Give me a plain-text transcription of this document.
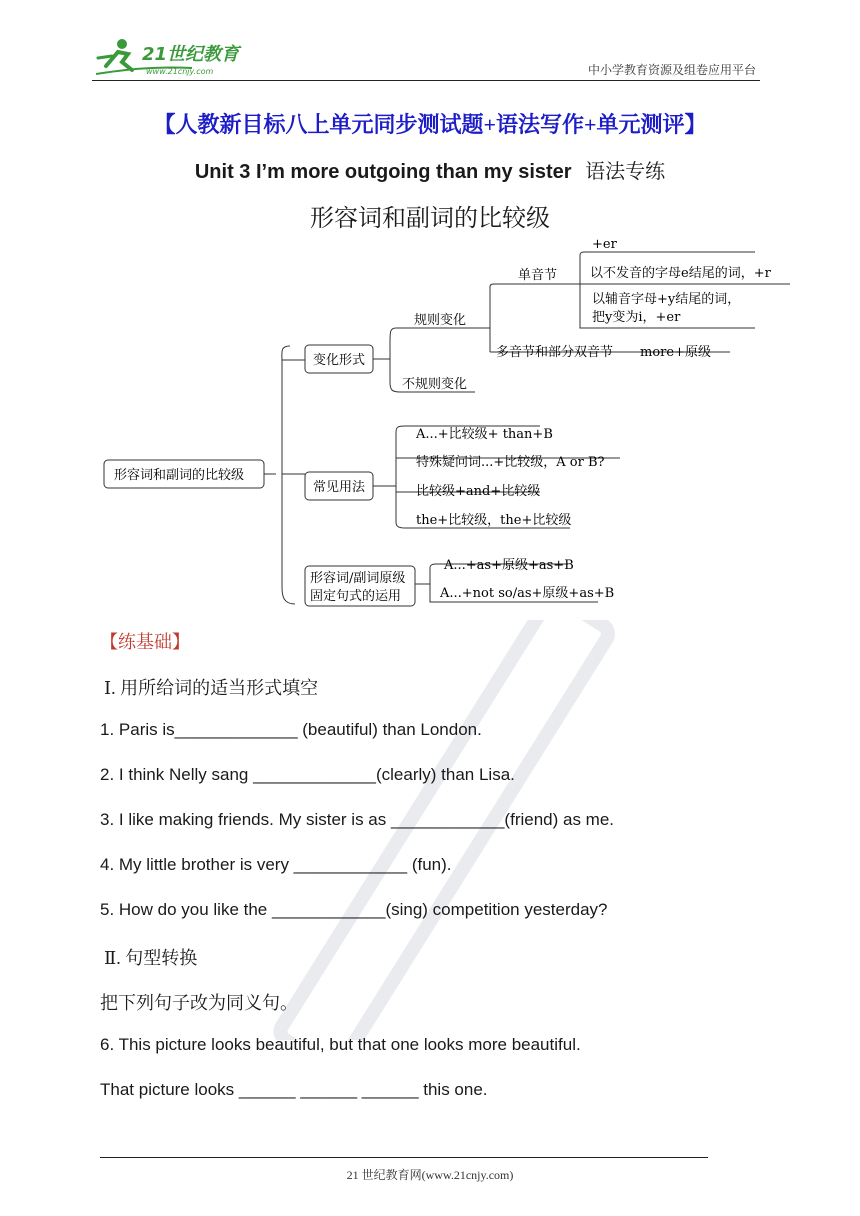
21世纪教育
www.21cnjy.com	中小学教育资源及组卷应用平台
【人教新目标八上单元同步测试题+语法写作+单元测评】
Unit 3 I’m more outgoing than my sister 语法专练
形容词和副词的比较级
形容词和副词的比较级
变化形式
规则变化
不规则变化
单音节
+er
以不发音的字母e结尾的词，+r
以辅音字母+y结尾的词，
把y变为i，+er
多音节和部分双音节 more+原级
常见用法
A...+比较级+ than+B
特殊疑问词...+比较级，A or B?
比较级+and+比较级
the+比较级，the+比较级
形容词/副词原级
固定句式的运用
A...+as+原级+as+B
A...+not so/as+原级+as+B
【练基础】
Ⅰ. 用所给词的适当形式填空
1. Paris is_____________ (beautiful) than London.
2. I think Nelly sang _____________(clearly) than Lisa.
3. I like making friends. My sister is as ____________(friend) as me.
4. My little brother is very ____________ (fun).
5. How do you like the ____________(sing) competition yesterday?
Ⅱ. 句型转换
把下列句子改为同义句。
6. This picture looks beautiful, but that one looks more beautiful.
That picture looks ______ ______ ______ this one.
21 世纪教育网(www.21cnjy.com)
